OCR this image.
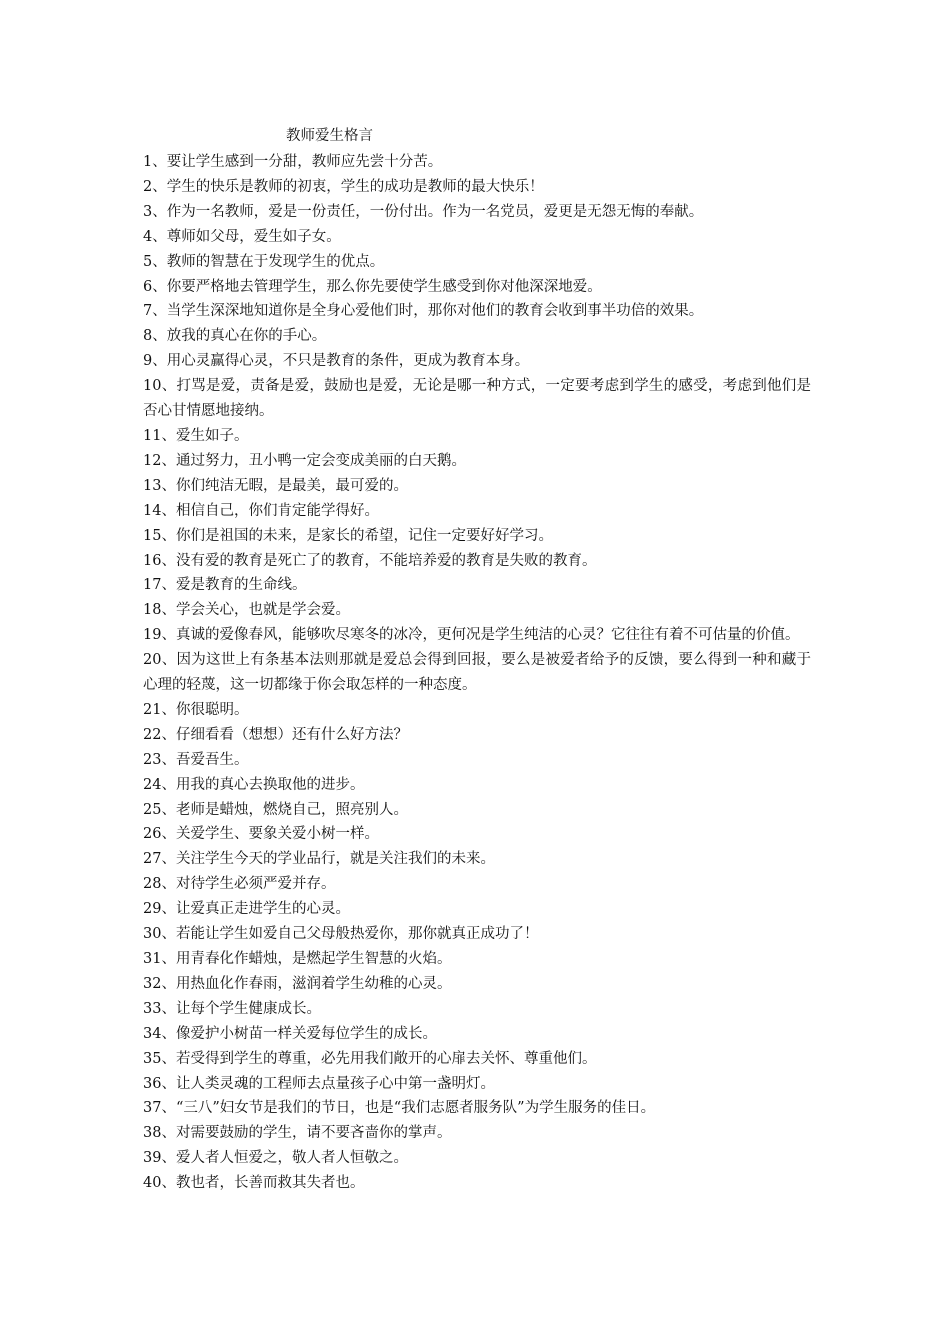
教师爱生格言

1、要让学生感到一分甜，教师应先尝十分苦。

2、学生的快乐是教师的初衷，学生的成功是教师的最大快乐！

3、作为一名教师，爱是一份责任，一份付出。作为一名党员，爱更是无怨无悔的奉献。

4、尊师如父母，爱生如子女。

5、教师的智慧在于发现学生的优点。

6、你要严格地去管理学生，那么你先要使学生感受到你对他深深地爱。

7、当学生深深地知道你是全身心爱他们时，那你对他们的教育会收到事半功倍的效果。

8、放我的真心在你的手心。

9、用心灵赢得心灵，不只是教育的条件，更成为教育本身。

10、打骂是爱，责备是爱，鼓励也是爱，无论是哪一种方式，一定要考虑到学生的感受，考虑到他们是否心甘情愿地接纳。

11、爱生如子。

12、通过努力，丑小鸭一定会变成美丽的白天鹅。

13、你们纯洁无暇，是最美，最可爱的。

14、相信自己，你们肯定能学得好。

15、你们是祖国的未来，是家长的希望，记住一定要好好学习。

16、没有爱的教育是死亡了的教育，不能培养爱的教育是失败的教育。

17、爱是教育的生命线。

18、学会关心，也就是学会爱。

19、真诚的爱像春风，能够吹尽寒冬的冰冷，更何况是学生纯洁的心灵？它往往有着不可估量的价值。

20、因为这世上有条基本法则那就是爱总会得到回报，要么是被爱者给予的反馈，要么得到一种和藏于心理的轻蔑，这一切都缘于你会取怎样的一种态度。

21、你很聪明。

22、仔细看看（想想）还有什么好方法？

23、吾爱吾生。

24、用我的真心去换取他的进步。

25、老师是蜡烛，燃烧自己，照亮别人。

26、关爱学生、要象关爱小树一样。

27、关注学生今天的学业品行，就是关注我们的未来。

28、对待学生必须严爱并存。

29、让爱真正走进学生的心灵。

30、若能让学生如爱自己父母般热爱你，那你就真正成功了！

31、用青春化作蜡烛，是燃起学生智慧的火焰。

32、用热血化作春雨，滋润着学生幼稚的心灵。

33、让每个学生健康成长。

34、像爱护小树苗一样关爱每位学生的成长。

35、若受得到学生的尊重，必先用我们敞开的心扉去关怀、尊重他们。

36、让人类灵魂的工程师去点量孩子心中第一盏明灯。

37、“三八”妇女节是我们的节日，也是“我们志愿者服务队”为学生服务的佳日。

38、对需要鼓励的学生，请不要吝啬你的掌声。

39、爱人者人恒爱之，敬人者人恒敬之。

40、教也者，长善而救其失者也。
